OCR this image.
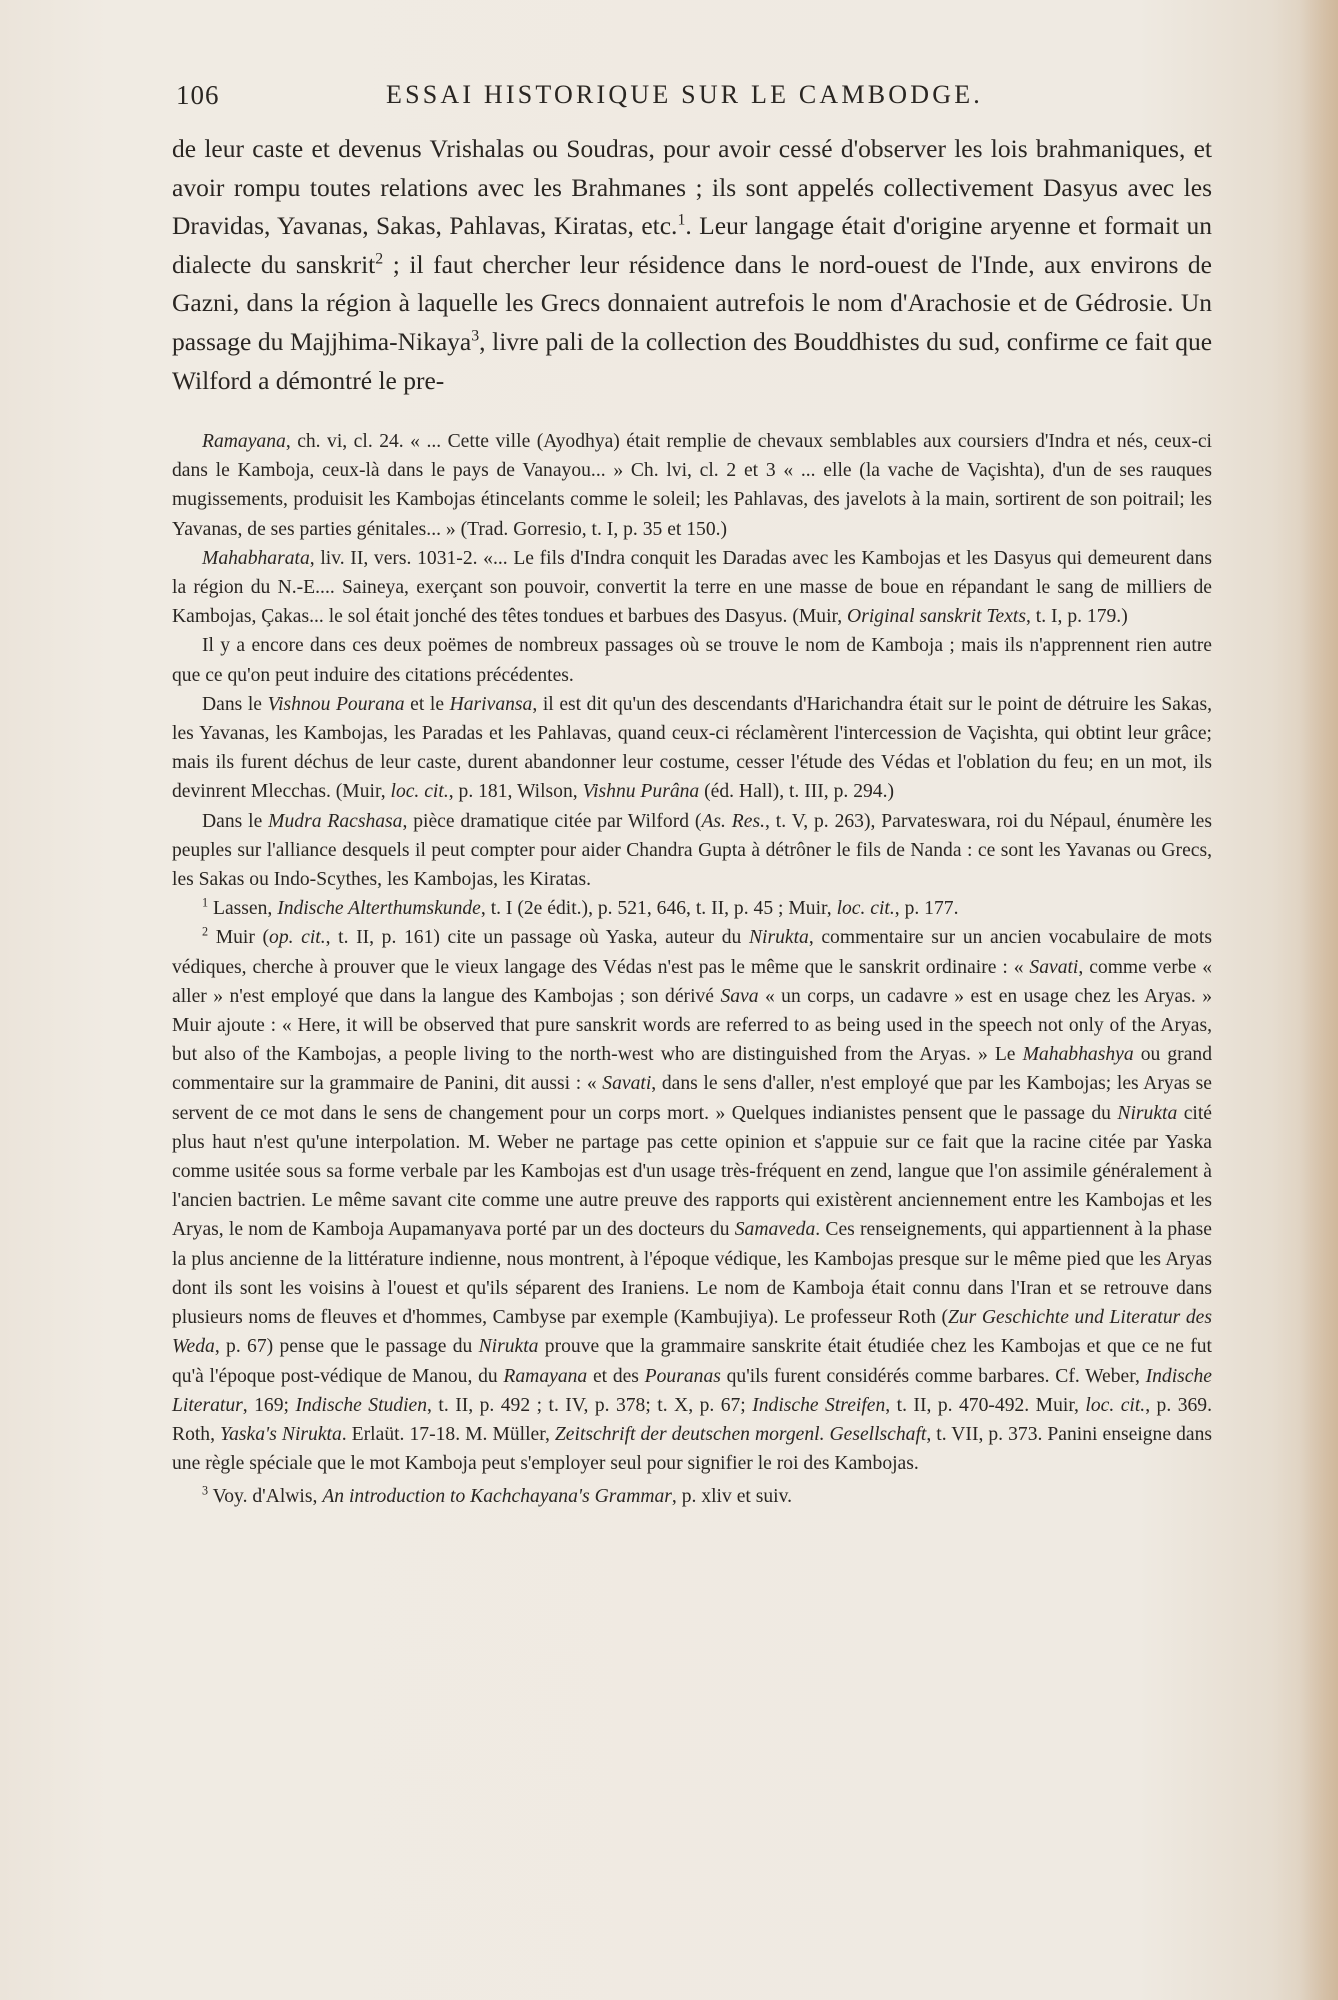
106	ESSAI HISTORIQUE SUR LE CAMBODGE.

de leur caste et devenus Vrishalas ou Soudras, pour avoir cessé d'observer les lois brahmaniques, et avoir rompu toutes relations avec les Brahmanes ; ils sont appelés collectivement Dasyus avec les Dravidas, Yavanas, Sakas, Pahlavas, Kiratas, etc.$^1$. Leur langage était d'origine aryenne et formait un dialecte du sanskrit$^2$ ; il faut chercher leur résidence dans le nord-ouest de l'Inde, aux environs de Gazni, dans la région à laquelle les Grecs donnaient autrefois le nom d'Arachosie et de Gédrosie. Un passage du Majjhima-Nikaya$^3$, livre pali de la collection des Bouddhistes du sud, confirme ce fait que Wilford a démontré le pre-

Ramayana, ch. vi, cl. 24. « ... Cette ville (Ayodhya) était remplie de chevaux semblables aux coursiers d'Indra et nés, ceux-ci dans le Kamboja, ceux-là dans le pays de Vanayou... » Ch. lvi, cl. 2 et 3 « ... elle (la vache de Vaçishta), d'un de ses rauques mugissements, produisit les Kambojas étincelants comme le soleil; les Pahlavas, des javelots à la main, sortirent de son poitrail; les Yavanas, de ses parties génitales... » (Trad. Gorresio, t. I, p. 35 et 150.)

Mahabharata, liv. II, vers. 1031-2. «... Le fils d'Indra conquit les Daradas avec les Kambojas et les Dasyus qui demeurent dans la région du N.-E.... Saineya, exerçant son pouvoir, convertit la terre en une masse de boue en répandant le sang de milliers de Kambojas, Çakas... le sol était jonché des têtes tondues et barbues des Dasyus. (Muir, Original sanskrit Texts, t. I, p. 179.)

Il y a encore dans ces deux poëmes de nombreux passages où se trouve le nom de Kamboja ; mais ils n'apprennent rien autre que ce qu'on peut induire des citations précédentes.

Dans le Vishnou Pourana et le Harivansa, il est dit qu'un des descendants d'Harichandra était sur le point de détruire les Sakas, les Yavanas, les Kambojas, les Paradas et les Pahlavas, quand ceux-ci réclamèrent l'intercession de Vaçishta, qui obtint leur grâce; mais ils furent déchus de leur caste, durent abandonner leur costume, cesser l'étude des Védas et l'oblation du feu; en un mot, ils devinrent Mlecchas. (Muir, loc. cit., p. 181, Wilson, Vishnu Purâna (éd. Hall), t. III, p. 294.)

Dans le Mudra Racshasa, pièce dramatique citée par Wilford (As. Res., t. V, p. 263), Parvateswara, roi du Népaul, énumère les peuples sur l'alliance desquels il peut compter pour aider Chandra Gupta à détrôner le fils de Nanda : ce sont les Yavanas ou Grecs, les Sakas ou Indo-Scythes, les Kambojas, les Kiratas.

$^1$ Lassen, Indische Alterthumskunde, t. I (2e édit.), p. 521, 646, t. II, p. 45 ; Muir, loc. cit., p. 177.

$^2$ Muir (op. cit., t. II, p. 161) cite un passage où Yaska, auteur du Nirukta, commentaire sur un ancien vocabulaire de mots védiques, cherche à prouver que le vieux langage des Védas n'est pas le même que le sanskrit ordinaire : « Savati, comme verbe « aller » n'est employé que dans la langue des Kambojas ; son dérivé Sava « un corps, un cadavre » est en usage chez les Aryas. » Muir ajoute : « Here, it will be observed that pure sanskrit words are referred to as being used in the speech not only of the Aryas, but also of the Kambojas, a people living to the north-west who are distinguished from the Aryas. » Le Mahabhashya ou grand commentaire sur la grammaire de Panini, dit aussi : « Savati, dans le sens d'aller, n'est employé que par les Kambojas; les Aryas se servent de ce mot dans le sens de changement pour un corps mort. » Quelques indianistes pensent que le passage du Nirukta cité plus haut n'est qu'une interpolation. M. Weber ne partage pas cette opinion et s'appuie sur ce fait que la racine citée par Yaska comme usitée sous sa forme verbale par les Kambojas est d'un usage très-fréquent en zend, langue que l'on assimile généralement à l'ancien bactrien. Le même savant cite comme une autre preuve des rapports qui existèrent anciennement entre les Kambojas et les Aryas, le nom de Kamboja Aupamanyava porté par un des docteurs du Samaveda. Ces renseignements, qui appartiennent à la phase la plus ancienne de la littérature indienne, nous montrent, à l'époque védique, les Kambojas presque sur le même pied que les Aryas dont ils sont les voisins à l'ouest et qu'ils séparent des Iraniens. Le nom de Kamboja était connu dans l'Iran et se retrouve dans plusieurs noms de fleuves et d'hommes, Cambyse par exemple (Kambujiya). Le professeur Roth (Zur Geschichte und Literatur des Weda, p. 67) pense que le passage du Nirukta prouve que la grammaire sanskrite était étudiée chez les Kambojas et que ce ne fut qu'à l'époque post-védique de Manou, du Ramayana et des Pouranas qu'ils furent considérés comme barbares. Cf. Weber, Indische Literatur, 169; Indische Studien, t. II, p. 492 ; t. IV, p. 378; t. X, p. 67; Indische Streifen, t. II, p. 470-492. Muir, loc. cit., p. 369. Roth, Yaska's Nirukta. Erlaüt. 17-18. M. Müller, Zeitschrift der deutschen morgenl. Gesellschaft, t. VII, p. 373. Panini enseigne dans une règle spéciale que le mot Kamboja peut s'employer seul pour signifier le roi des Kambojas.

$^3$ Voy. d'Alwis, An introduction to Kachchayana's Grammar, p. xliv et suiv.
